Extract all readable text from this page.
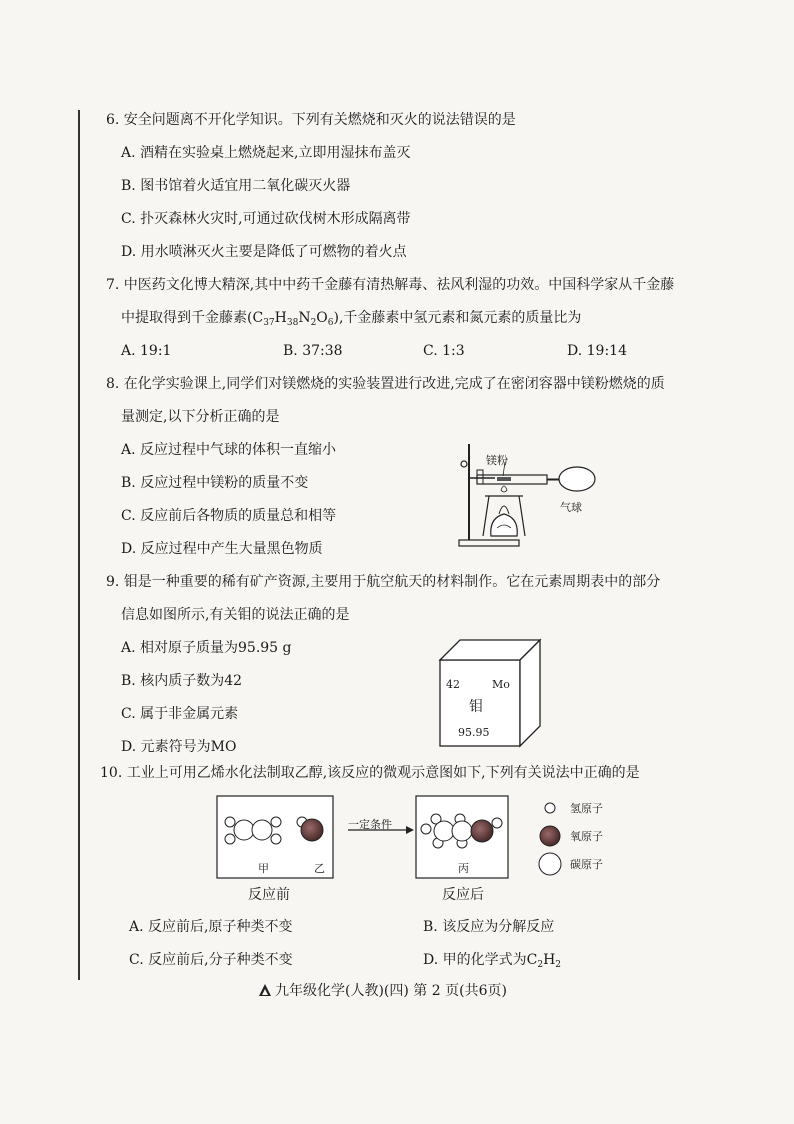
6. 安全问题离不开化学知识。下列有关燃烧和灭火的说法错误的是
A. 酒精在实验桌上燃烧起来,立即用湿抹布盖灭
B. 图书馆着火适宜用二氧化碳灭火器
C. 扑灭森林火灾时,可通过砍伐树木形成隔离带
D. 用水喷淋灭火主要是降低了可燃物的着火点
7. 中医药文化博大精深,其中中药千金藤有清热解毒、祛风利湿的功效。中国科学家从千金藤
中提取得到千金藤素$(C_{37}H_{38}N_2O_6)$,千金藤素中氢元素和氮元素的质量比为
A. 19:1	B. 37:38	C. 1:3	D. 19:14
8. 在化学实验课上,同学们对镁燃烧的实验装置进行改进,完成了在密闭容器中镁粉燃烧的质
量测定,以下分析正确的是
A. 反应过程中气球的体积一直缩小
B. 反应过程中镁粉的质量不变
C. 反应前后各物质的质量总和相等
D. 反应过程中产生大量黑色物质
镁粉
气球
9. 钼是一种重要的稀有矿产资源,主要用于航空航天的材料制作。它在元素周期表中的部分
信息如图所示,有关钼的说法正确的是
A. 相对原子质量为95.95 g
B. 核内质子数为42
C. 属于非金属元素
D. 元素符号为MO
42	Mo
钼
95.95
10. 工业上可用乙烯水化法制取乙醇,该反应的微观示意图如下,下列有关说法中正确的是
一定条件
甲	乙	丙
反应前	反应后
氢原子
氧原子
碳原子
A. 反应前后,原子种类不变	B. 该反应为分解反应
C. 反应前后,分子种类不变	D. 甲的化学式为$C_2H_2$
九年级化学(人教)(四) 第 2 页(共6页)
